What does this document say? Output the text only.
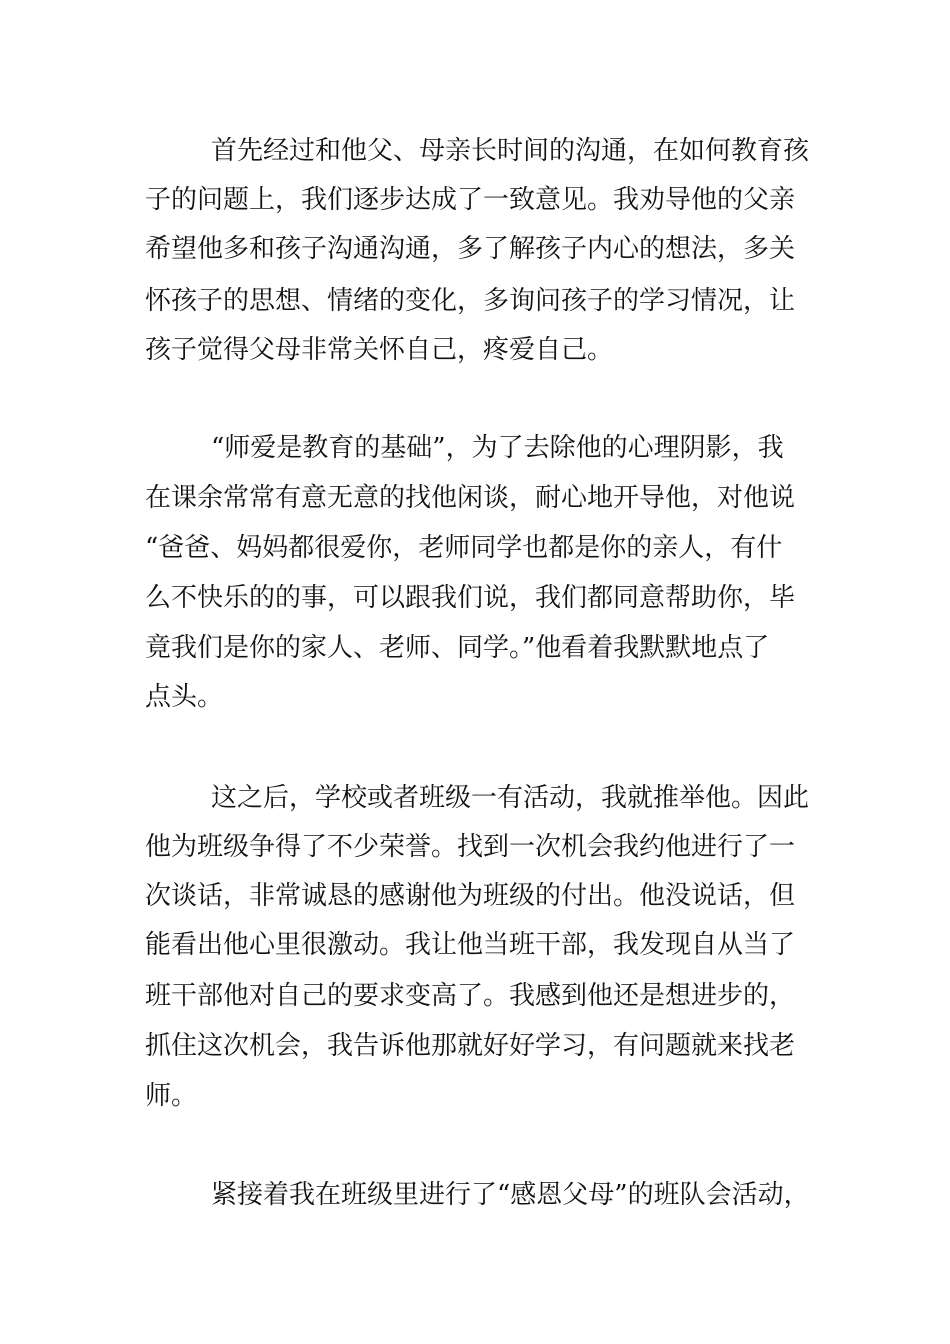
首先经过和他父、母亲长时间的沟通，在如何教育孩
子的问题上，我们逐步达成了一致意见。我劝导他的父亲
希望他多和孩子沟通沟通，多了解孩子内心的想法，多关
怀孩子的思想、情绪的变化，多询问孩子的学习情况，让
孩子觉得父母非常关怀自己，疼爱自己。
“师爱是教育的基础”，为了去除他的心理阴影，我
在课余常常有意无意的找他闲谈，耐心地开导他，对他说
“爸爸、妈妈都很爱你，老师同学也都是你的亲人，有什
么不快乐的的事，可以跟我们说，我们都同意帮助你，毕
竟我们是你的家人、老师、同学。”他看着我默默地点了
点头。
这之后，学校或者班级一有活动，我就推举他。因此
他为班级争得了不少荣誉。找到一次机会我约他进行了一
次谈话，非常诚恳的感谢他为班级的付出。他没说话，但
能看出他心里很激动。我让他当班干部，我发现自从当了
班干部他对自己的要求变高了。我感到他还是想进步的，
抓住这次机会，我告诉他那就好好学习，有问题就来找老
师。
紧接着我在班级里进行了“感恩父母”的班队会活动，
